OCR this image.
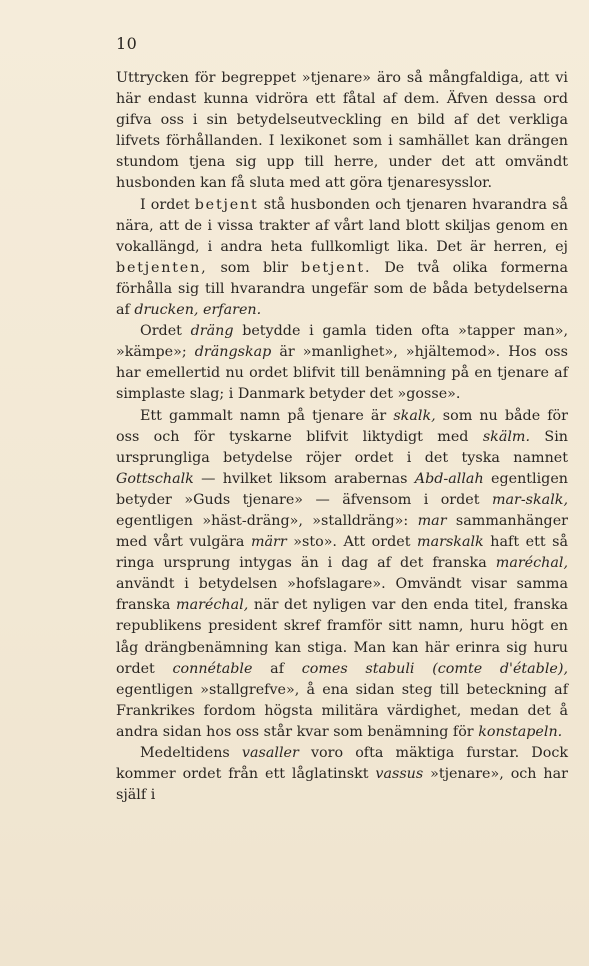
10

Uttrycken för begreppet »tjenare» äro så mångfaldiga, att vi här endast kunna vidröra ett fåtal af dem. Äfven dessa ord gifva oss i sin betydelseutveckling en bild af det verkliga lifvets förhållanden. I lexikonet som i samhället kan drängen stundom tjena sig upp till herre, under det att omvändt husbonden kan få sluta med att göra tjenaresysslor.

I ordet betjent stå husbonden och tjenaren hvarandra så nära, att de i vissa trakter af vårt land blott skiljas genom en vokallängd, i andra heta fullkomligt lika. Det är herren, ej betjenten, som blir betjent. De två olika formerna förhålla sig till hvarandra ungefär som de båda betydelserna af drucken, erfaren.

Ordet dräng betydde i gamla tiden ofta »tapper man», »kämpe»; drängskap är »manlighet», »hjältemod». Hos oss har emellertid nu ordet blifvit till benämning på en tjenare af simplaste slag; i Danmark betyder det »gosse».

Ett gammalt namn på tjenare är skalk, som nu både för oss och för tyskarne blifvit liktydigt med skälm. Sin ursprungliga betydelse röjer ordet i det tyska namnet Gottschalk — hvilket liksom arabernas Abd-allah egentligen betyder »Guds tjenare» — äfvensom i ordet mar-skalk, egentligen »häst-dräng», »stalldräng»: mar sammanhänger med vårt vulgära märr »sto». Att ordet marskalk haft ett så ringa ursprung intygas än i dag af det franska maréchal, användt i betydelsen »hofslagare». Omvändt visar samma franska maréchal, när det nyligen var den enda titel, franska republikens president skref framför sitt namn, huru högt en låg drängbenämning kan stiga. Man kan här erinra sig huru ordet connétable af comes stabuli (comte d'étable), egentligen »stallgrefve», å ena sidan steg till beteckning af Frankrikes fordom högsta militära värdighet, medan det å andra sidan hos oss står kvar som benämning för konstapeln.

Medeltidens vasaller voro ofta mäktiga furstar. Dock kommer ordet från ett låglatinskt vassus »tjenare», och har själf i
